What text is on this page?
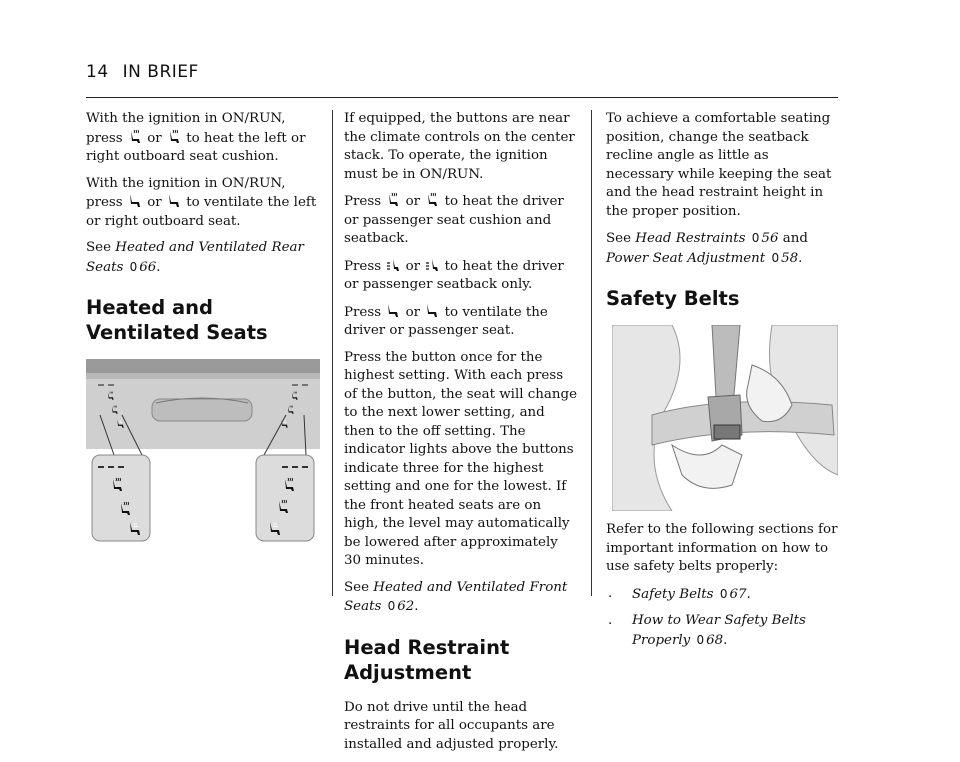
14 IN BRIEF

With the ignition in ON/RUN, press or to heat the left or right outboard seat cushion.

With the ignition in ON/RUN, press or to ventilate the left or right outboard seat.

See Heated and Ventilated Rear Seats 0 66.

Heated and Ventilated Seats

If equipped, the buttons are near the climate controls on the center stack. To operate, the ignition must be in ON/RUN.

Press or to heat the driver or passenger seat cushion and seatback.

Press or to heat the driver or passenger seatback only.

Press or to ventilate the driver or passenger seat.

Press the button once for the highest setting. With each press of the button, the seat will change to the next lower setting, and then to the off setting. The indicator lights above the buttons indicate three for the highest setting and one for the lowest. If the front heated seats are on high, the level may automatically be lowered after approximately 30 minutes.

See Heated and Ventilated Front Seats 0 62.

Head Restraint Adjustment

Do not drive until the head restraints for all occupants are installed and adjusted properly.

To achieve a comfortable seating position, change the seatback recline angle as little as necessary while keeping the seat and the head restraint height in the proper position.

See Head Restraints 0 56 and Power Seat Adjustment 0 58.

Safety Belts

Refer to the following sections for important information on how to use safety belts properly:

. Safety Belts 0 67.

. How to Wear Safety Belts Properly 0 68.
